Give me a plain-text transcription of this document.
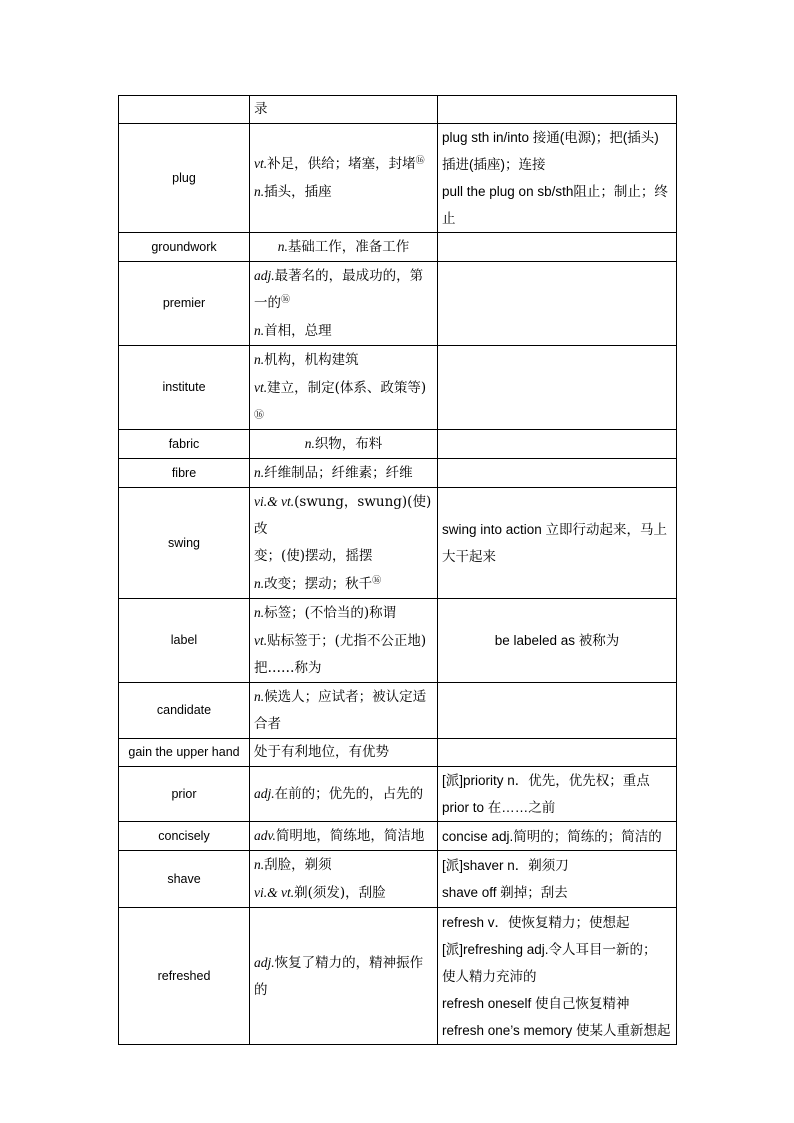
	录	

plug	vt.补足，供给；堵塞，封堵⑯
n.插头，插座	plug sth in/into 接通(电源)；把(插头)
插进(插座)；连接
pull the plug on sb/sth阻止；制止；终
止

groundwork	n.基础工作，准备工作	
premier	adj.最著名的，最成功的，第
一的⑯
n.首相，总理	

institute	n.机构，机构建筑
vt.建立，制定(体系、政策等)
⑯	

fabric	n.织物，布料	
fibre	n.纤维制品；纤维素；纤维	
swing	vi.& vt.(swung，swung)(使)改
变；(使)摆动，摇摆
n.改变；摆动；秋千⑯	swing into action 立即行动起来，马上
大干起来

label	n.标签；(不恰当的)称谓
vt.贴标签于；(尤指不公正地)
把……称为	be labeled as 被称为
candidate	n.候选人；应试者；被认定适
合者	

gain the upper hand	处于有利地位，有优势	
prior	adj.在前的；优先的，占先的	[派]priority n．优先，优先权；重点
prior to 在……之前

concisely	adv.简明地，简练地，简洁地	concise adj.简明的；简练的；简洁的

shave	n.刮脸，剃须
vi.& vt.剃(须发)，刮脸	[派]shaver n．剃须刀
shave off 剃掉；刮去

refreshed	adj.恢复了精力的，精神振作
的	refresh v．使恢复精力；使想起
[派]refreshing adj.令人耳目一新的；
使人精力充沛的
refresh oneself 使自己恢复精神
refresh one’s memory 使某人重新想起
